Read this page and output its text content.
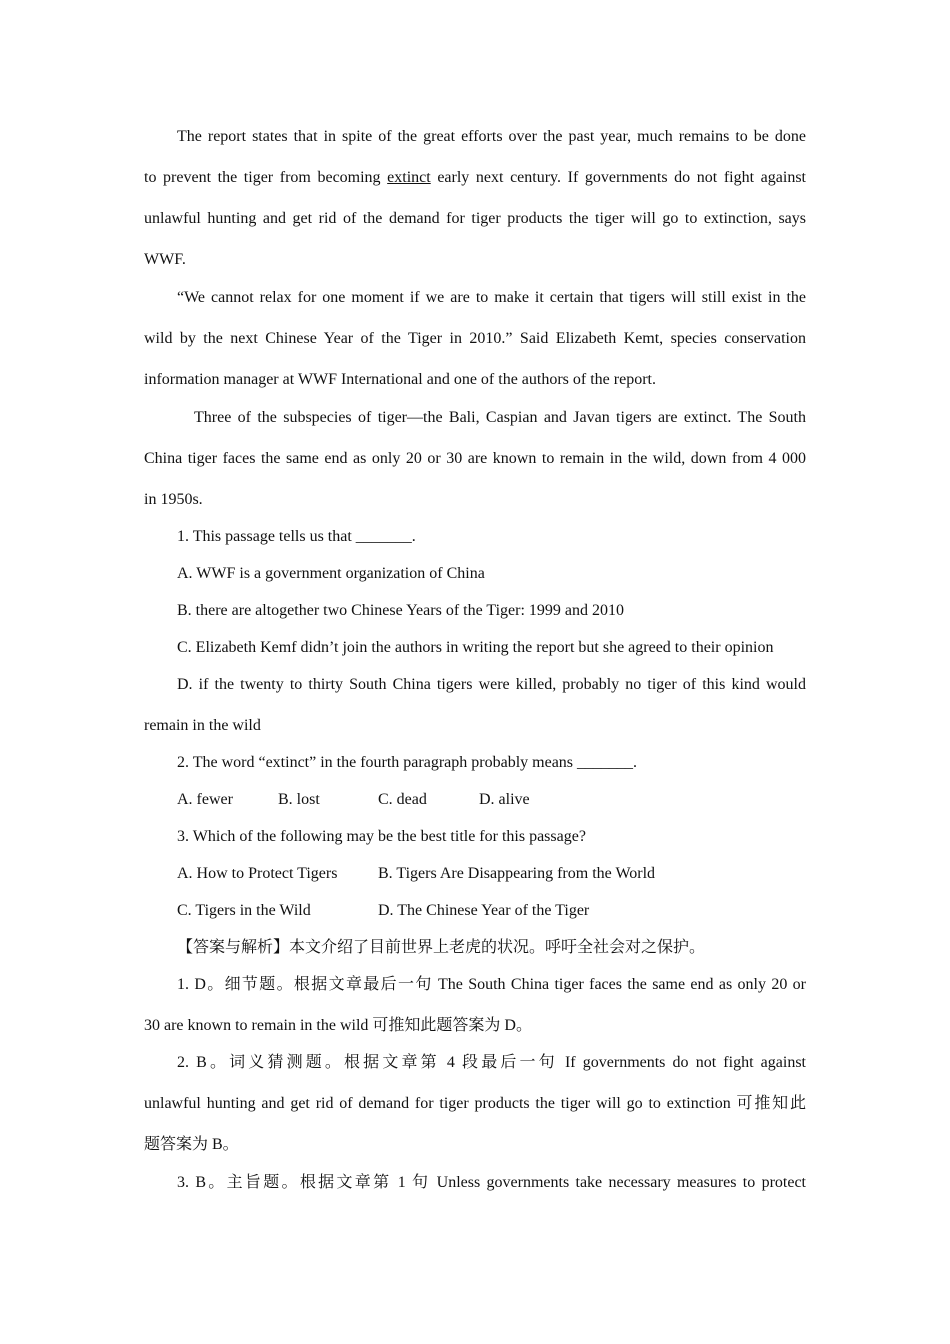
The report states that in spite of the great efforts over the past year, much remains to be done
to prevent the tiger from becoming extinct early next century. If governments do not fight against
unlawful hunting and get rid of the demand for tiger products the tiger will go to extinction, says
WWF.
“We cannot relax for one moment if we are to make it certain that tigers will still exist in the
wild by the next Chinese Year of the Tiger in 2010.” Said Elizabeth Kemt, species conservation
information manager at WWF International and one of the authors of the report.
Three of the subspecies of tiger—the Bali, Caspian and Javan tigers are extinct. The South
China tiger faces the same end as only 20 or 30 are known to remain in the wild, down from 4 000
in 1950s.
1. This passage tells us that _______.
A. WWF is a government organization of China
B. there are altogether two Chinese Years of the Tiger: 1999 and 2010
C. Elizabeth Kemf didn’t join the authors in writing the report but she agreed to their opinion
D. if the twenty to thirty South China tigers were killed, probably no tiger of this kind would
remain in the wild
2. The word “extinct” in the fourth paragraph probably means _______.
A. fewer	B. lost	C. dead	D. alive
3. Which of the following may be the best title for this passage?
A. How to Protect Tigers	B. Tigers Are Disappearing from the World
C. Tigers in the Wild	D. The Chinese Year of the Tiger
【答案与解析】本文介绍了目前世界上老虎的状况。呼吁全社会对之保护。
1. D。细节题。根据文章最后一句 The South China tiger faces the same end as only 20 or
30 are known to remain in the wild 可推知此题答案为 D。
2. B。词义猜测题。根据文章第 4 段最后一句 If governments do not fight against
unlawful hunting and get rid of demand for tiger products the tiger will go to extinction 可推知此
题答案为 B。
3. B。主旨题。根据文章第 1 句 Unless governments take necessary measures to protect
